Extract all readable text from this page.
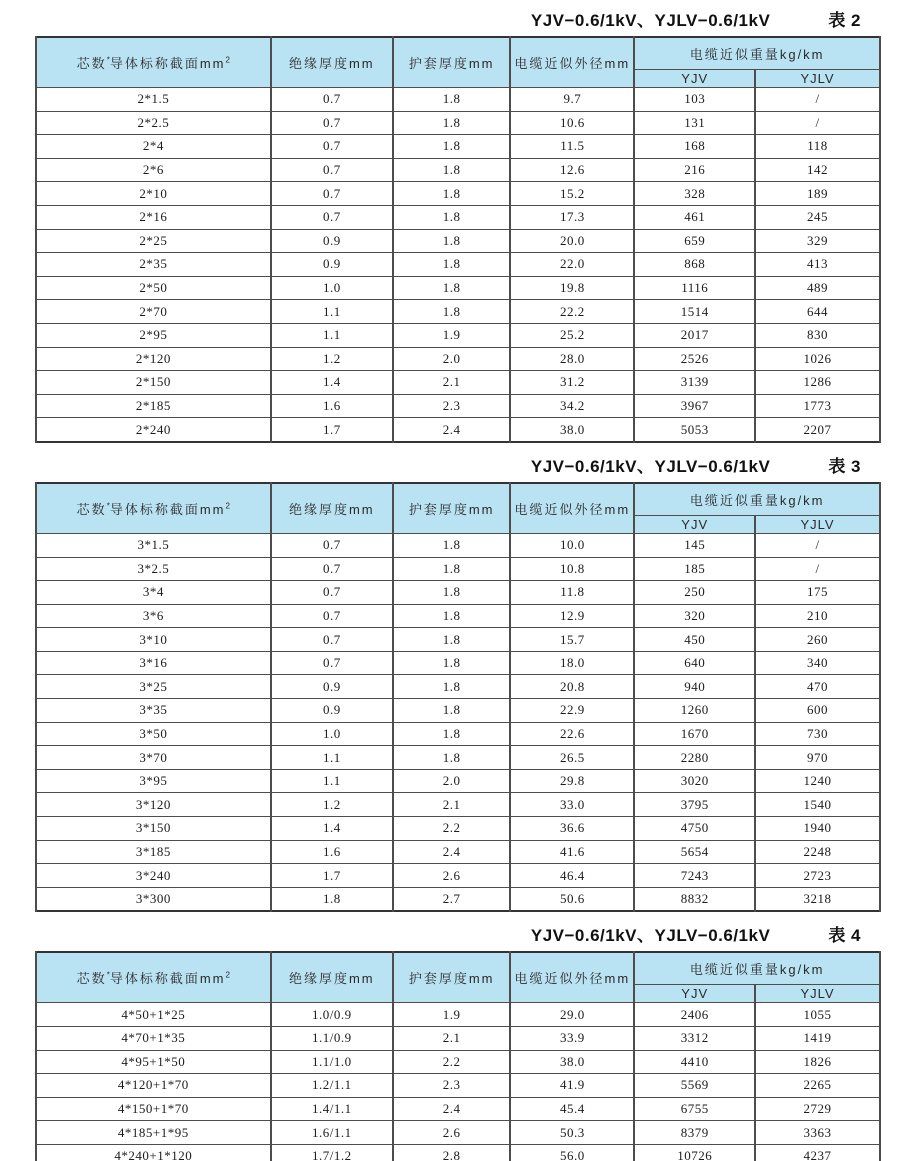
YJV−0.6/1kV、YJLV−0.6/1kV	表 2
芯数*导体标称截面$mm^2$	绝缘厚度mm	护套厚度mm	电缆近似外径mm	电缆近似重量kg/km	
				YJV	YJLV
2*1.5	0.7	1.8	9.7	103	/
2*2.5	0.7	1.8	10.6	131	/
2*4	0.7	1.8	11.5	168	118
2*6	0.7	1.8	12.6	216	142
2*10	0.7	1.8	15.2	328	189
2*16	0.7	1.8	17.3	461	245
2*25	0.9	1.8	20.0	659	329
2*35	0.9	1.8	22.0	868	413
2*50	1.0	1.8	19.8	1116	489
2*70	1.1	1.8	22.2	1514	644
2*95	1.1	1.9	25.2	2017	830
2*120	1.2	2.0	28.0	2526	1026
2*150	1.4	2.1	31.2	3139	1286
2*185	1.6	2.3	34.2	3967	1773
2*240	1.7	2.4	38.0	5053	2207
YJV−0.6/1kV、YJLV−0.6/1kV	表 3
芯数*导体标称截面$mm^2$	绝缘厚度mm	护套厚度mm	电缆近似外径mm	电缆近似重量kg/km	
				YJV	YJLV
3*1.5	0.7	1.8	10.0	145	/
3*2.5	0.7	1.8	10.8	185	/
3*4	0.7	1.8	11.8	250	175
3*6	0.7	1.8	12.9	320	210
3*10	0.7	1.8	15.7	450	260
3*16	0.7	1.8	18.0	640	340
3*25	0.9	1.8	20.8	940	470
3*35	0.9	1.8	22.9	1260	600
3*50	1.0	1.8	22.6	1670	730
3*70	1.1	1.8	26.5	2280	970
3*95	1.1	2.0	29.8	3020	1240
3*120	1.2	2.1	33.0	3795	1540
3*150	1.4	2.2	36.6	4750	1940
3*185	1.6	2.4	41.6	5654	2248
3*240	1.7	2.6	46.4	7243	2723
3*300	1.8	2.7	50.6	8832	3218
YJV−0.6/1kV、YJLV−0.6/1kV	表 4
芯数*导体标称截面$mm^2$	绝缘厚度mm	护套厚度mm	电缆近似外径mm	电缆近似重量kg/km	
				YJV	YJLV
4*50+1*25	1.0/0.9	1.9	29.0	2406	1055
4*70+1*35	1.1/0.9	2.1	33.9	3312	1419
4*95+1*50	1.1/1.0	2.2	38.0	4410	1826
4*120+1*70	1.2/1.1	2.3	41.9	5569	2265
4*150+1*70	1.4/1.1	2.4	45.4	6755	2729
4*185+1*95	1.6/1.1	2.6	50.3	8379	3363
4*240+1*120	1.7/1.2	2.8	56.0	10726	4237
